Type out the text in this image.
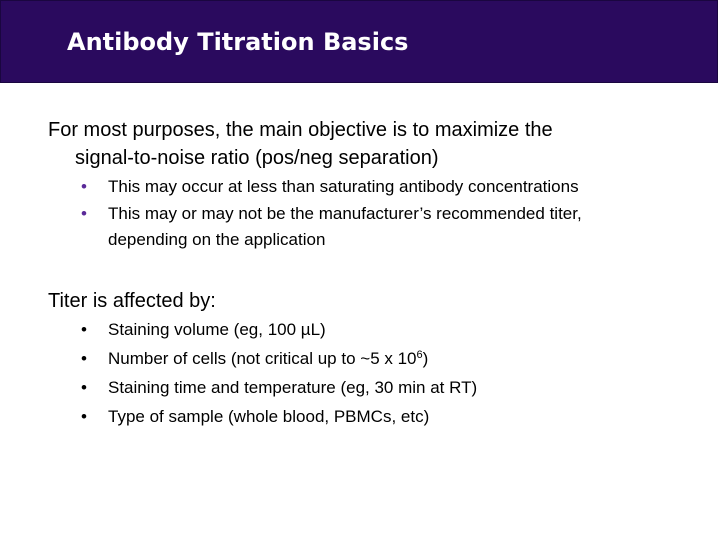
Antibody Titration Basics
For most purposes, the main objective is to maximize the
signal-to-noise ratio (pos/neg separation)
• This may occur at less than saturating antibody concentrations
• This may or may not be the manufacturer’s recommended titer,
depending on the application
Titer is affected by:
• Staining volume (eg, 100 µL)
• Number of cells (not critical up to ~5 x $10^6$)
• Staining time and temperature (eg, 30 min at RT)
• Type of sample (whole blood, PBMCs, etc)
